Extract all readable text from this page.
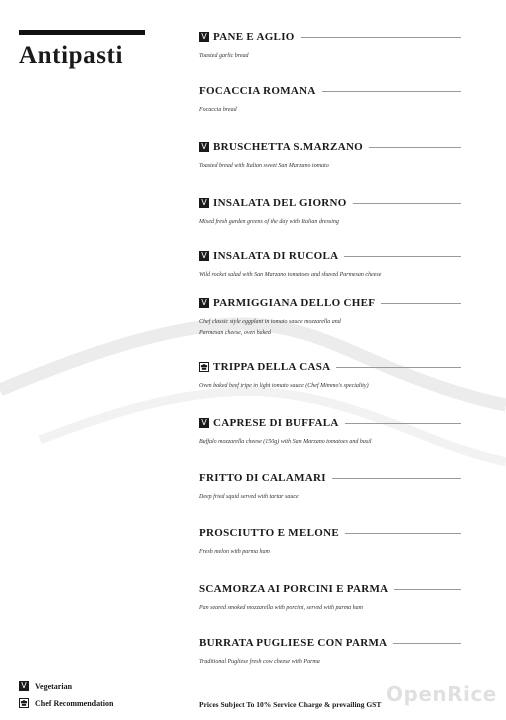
Antipasti
V PANE E AGLIO
Toasted garlic bread
FOCACCIA ROMANA
Focaccia bread
V BRUSCHETTA S.MARZANO
Toasted bread with Italian sweet San Marzano tomato
V INSALATA DEL GIORNO
Mixed fresh garden greens of the day with Italian dressing
V INSALATA DI RUCOLA
Wild rocket salad with San Marzano tomatoes and shaved Parmesan cheese
V PARMIGGIANA DELLO CHEF
Chef classic style eggplant in tomato sauce mozzarella and
Parmesan cheese, oven baked
TRIPPA DELLA CASA
Oven baked beef tripe in light tomato sauce (Chef Mimmo's speciality)
V CAPRESE DI BUFFALA
Buffalo mozzarella cheese (150g) with San Marzano tomatoes and basil
FRITTO DI CALAMARI
Deep fried squid served with tartar sauce
PROSCIUTTO E MELONE
Fresh melon with parma ham
SCAMORZA AI PORCINI E PARMA
Pan seared smoked mozzarella with porcini, served with parma ham
BURRATA PUGLIESE CON PARMA
Traditional Pugliese fresh cow cheese with Parma
V Vegetarian
Chef Recommendation	Prices Subject To 10% Service Charge & prevailing GST OpenRice
